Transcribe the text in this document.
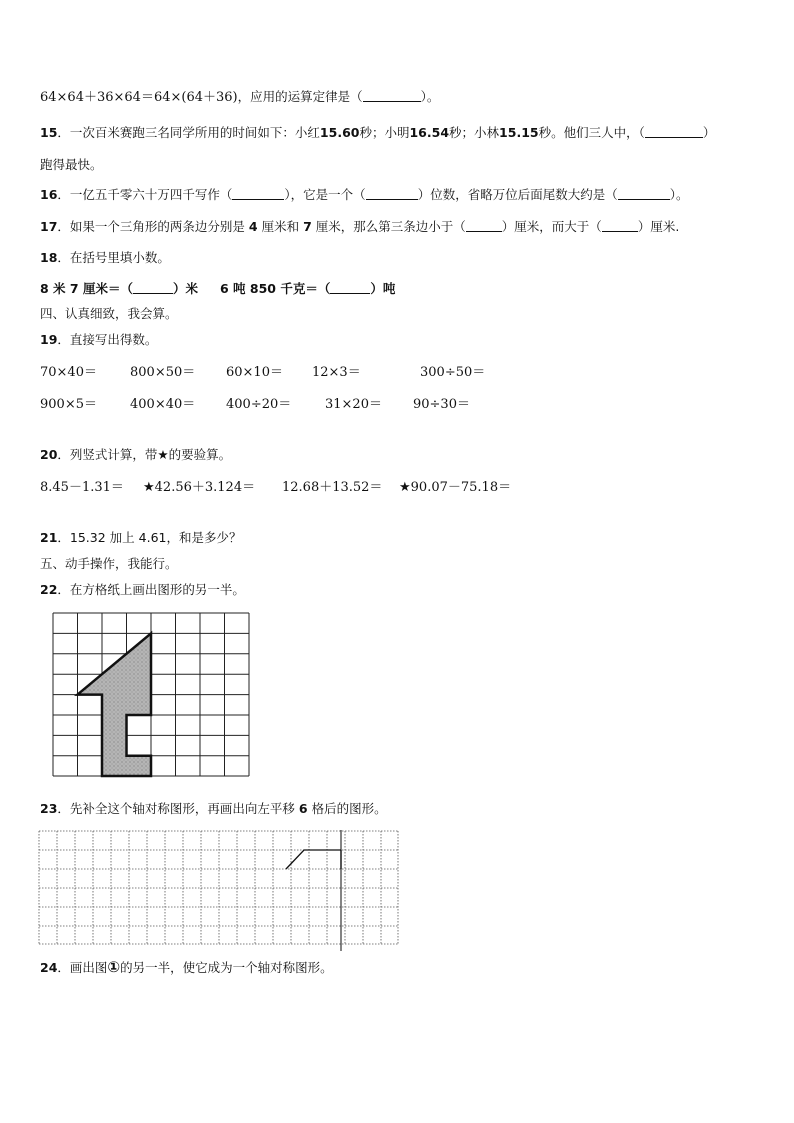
64×64＋36×64＝64×(64＋36)，应用的运算定律是（	）。
15．一次百米赛跑三名同学所用的时间如下：小红15.60秒；小明16.54秒；小林15.15秒。他们三人中，（	）
跑得最快。
16．一亿五千零六十万四千写作（	），它是一个（	）位数，省略万位后面尾数大约是（	）。
17．如果一个三角形的两条边分别是 4 厘米和 7 厘米，那么第三条边小于（	）厘米，而大于（	）厘米.
18．在括号里填小数。
8 米 7 厘米＝（	）米 6 吨 850 千克＝（	）吨
四、认真细致，我会算。
19．直接写出得数。
70×40＝	800×50＝ 60×10＝ 12×3＝	300÷50＝
900×5＝	400×40＝ 400÷20＝	31×20＝ 90÷30＝
20．列竖式计算，带★的要验算。
8.45－1.31＝ ★42.56＋3.124＝ 12.68＋13.52＝ ★90.07－75.18＝
21．15.32 加上 4.61，和是多少？
五、动手操作，我能行。
22．在方格纸上画出图形的另一半。
23．先补全这个轴对称图形，再画出向左平移 6 格后的图形。
24．画出图①的另一半，使它成为一个轴对称图形。
